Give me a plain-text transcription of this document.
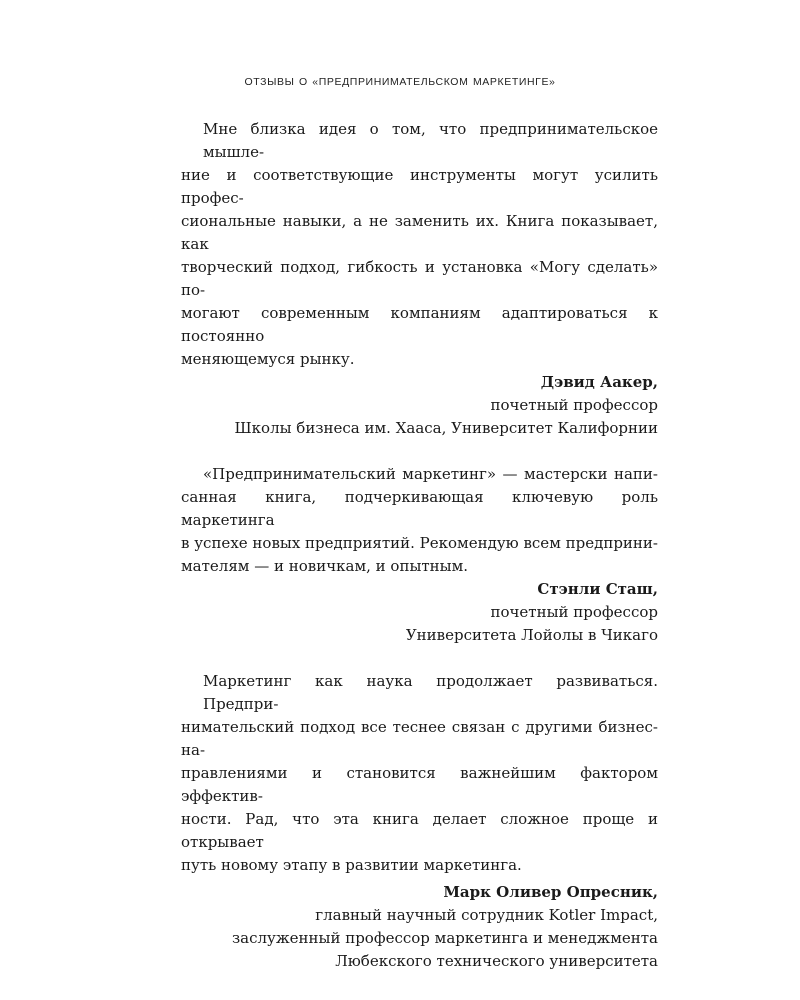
ОТЗЫВЫ О «ПРЕДПРИНИМАТЕЛЬСКОМ МАРКЕТИНГЕ»

Мне близка идея о том, что предпринимательское мышле-
ние и соответствующие инструменты могут усилить профес-
сиональные навыки, а не заменить их. Книга показывает, как
творческий подход, гибкость и установка «Могу сделать» по-
могают современным компаниям адаптироваться к постоянно
меняющемуся рынку.

Дэвид Аакер,
почетный профессор
Школы бизнеса им. Хааса, Университет Калифорнии

«Предпринимательский маркетинг» — мастерски напи-
санная книга, подчеркивающая ключевую роль маркетинга
в успехе новых предприятий. Рекомендую всем предприни-
мателям — и новичкам, и опытным.

Стэнли Сташ,
почетный профессор
Университета Лойолы в Чикаго

Маркетинг как наука продолжает развиваться. Предпри-
нимательский подход все теснее связан с другими бизнес-на-
правлениями и становится важнейшим фактором эффектив-
ности. Рад, что эта книга делает сложное проще и открывает
путь новому этапу в развитии маркетинга.

Марк Оливер Опресник,
главный научный сотрудник Kotler Impact,
заслуженный профессор маркетинга и менеджмента
Любекского технического университета
